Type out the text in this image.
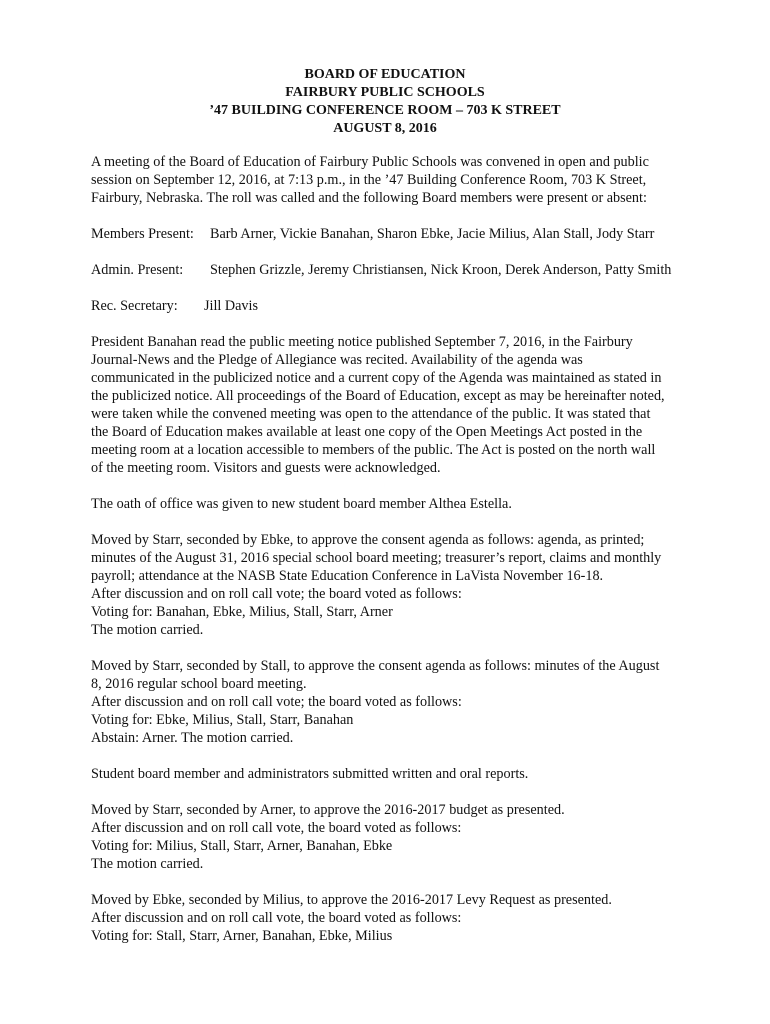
BOARD OF EDUCATION
FAIRBURY PUBLIC SCHOOLS
’47 BUILDING CONFERENCE ROOM – 703 K STREET
AUGUST 8, 2016

A meeting of the Board of Education of Fairbury Public Schools was convened in open and public
session on September 12, 2016, at 7:13 p.m., in the ’47 Building Conference Room, 703 K Street,
Fairbury, Nebraska. The roll was called and the following Board members were present or absent:

Members Present:	Barb Arner, Vickie Banahan, Sharon Ebke, Jacie Milius, Alan Stall, Jody Starr
Admin. Present:	Stephen Grizzle, Jeremy Christiansen, Nick Kroon, Derek Anderson, Patty Smith
Rec. Secretary:	Jill Davis

President Banahan read the public meeting notice published September 7, 2016, in the Fairbury
Journal-News and the Pledge of Allegiance was recited. Availability of the agenda was
communicated in the publicized notice and a current copy of the Agenda was maintained as stated in
the publicized notice. All proceedings of the Board of Education, except as may be hereinafter noted,
were taken while the convened meeting was open to the attendance of the public. It was stated that
the Board of Education makes available at least one copy of the Open Meetings Act posted in the
meeting room at a location accessible to members of the public. The Act is posted on the north wall
of the meeting room. Visitors and guests were acknowledged.

The oath of office was given to new student board member Althea Estella.

Moved by Starr, seconded by Ebke, to approve the consent agenda as follows: agenda, as printed;
minutes of the August 31, 2016 special school board meeting; treasurer’s report, claims and monthly
payroll; attendance at the NASB State Education Conference in LaVista November 16-18.
After discussion and on roll call vote; the board voted as follows:
Voting for: Banahan, Ebke, Milius, Stall, Starr, Arner
The motion carried.

Moved by Starr, seconded by Stall, to approve the consent agenda as follows: minutes of the August
8, 2016 regular school board meeting.
After discussion and on roll call vote; the board voted as follows:
Voting for: Ebke, Milius, Stall, Starr, Banahan
Abstain: Arner. The motion carried.

Student board member and administrators submitted written and oral reports.

Moved by Starr, seconded by Arner, to approve the 2016-2017 budget as presented.
After discussion and on roll call vote, the board voted as follows:
Voting for: Milius, Stall, Starr, Arner, Banahan, Ebke
The motion carried.

Moved by Ebke, seconded by Milius, to approve the 2016-2017 Levy Request as presented.
After discussion and on roll call vote, the board voted as follows:
Voting for: Stall, Starr, Arner, Banahan, Ebke, Milius
